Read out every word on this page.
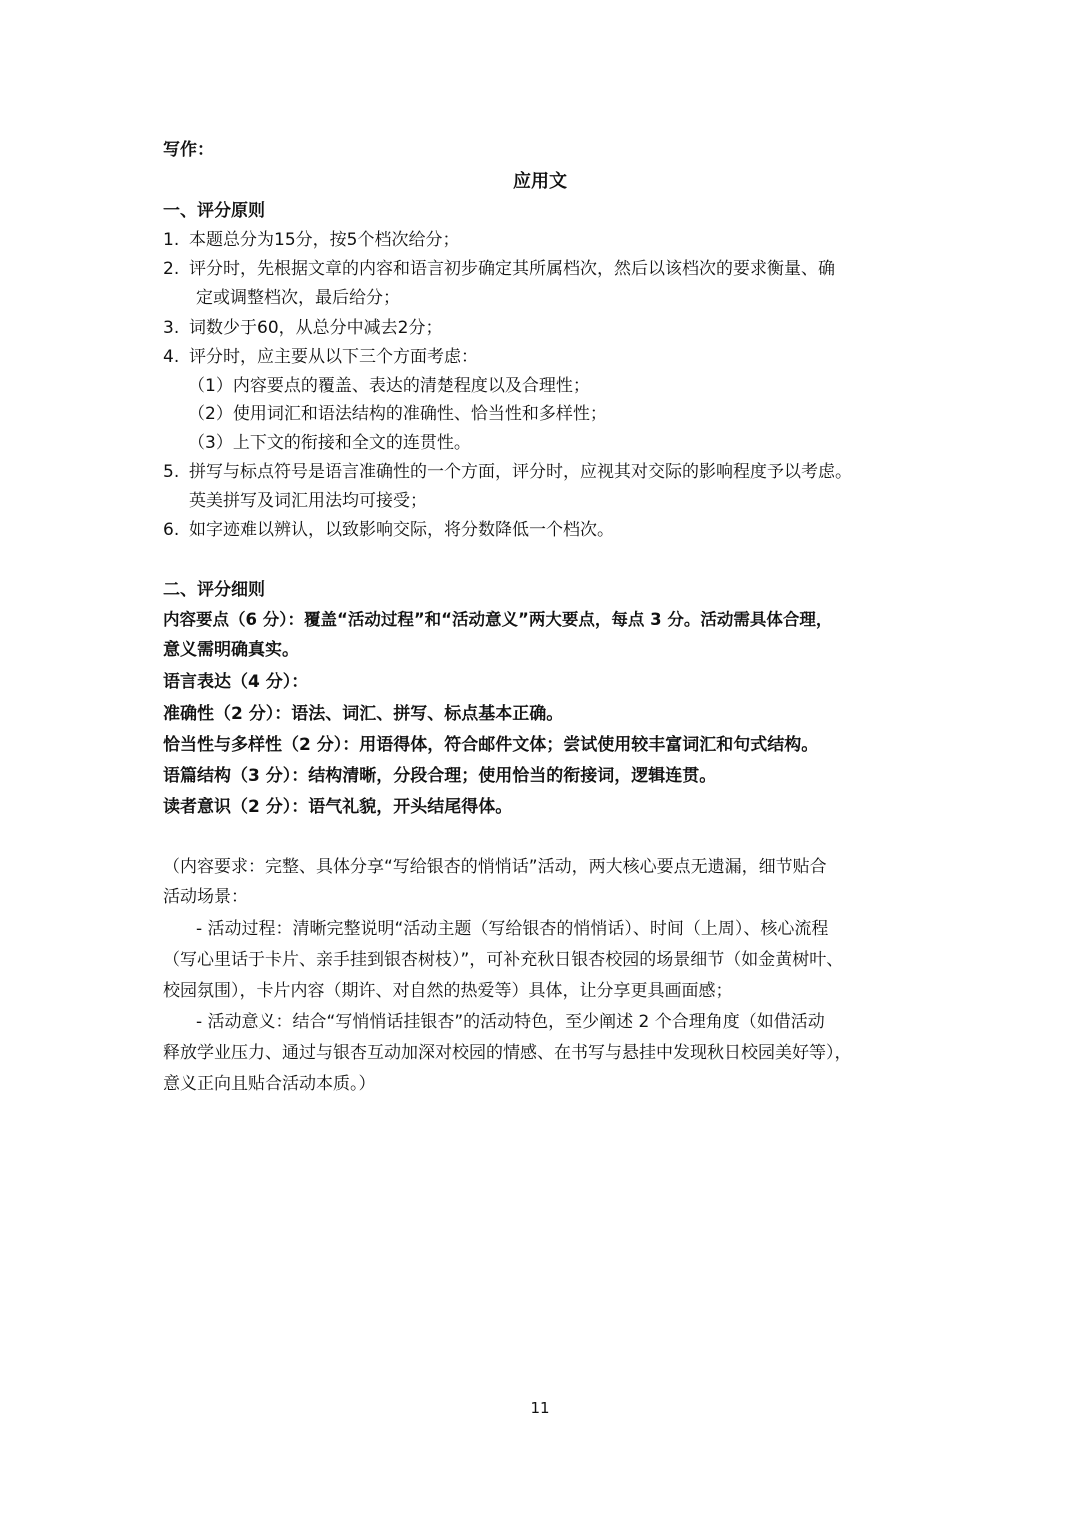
写作：
应用文
一、评分原则
1. 本题总分为15分，按5个档次给分；
2. 评分时，先根据文章的内容和语言初步确定其所属档次，然后以该档次的要求衡量、确
定或调整档次，最后给分；
3. 词数少于60，从总分中减去2分；
4. 评分时，应主要从以下三个方面考虑：
（1）内容要点的覆盖、表达的清楚程度以及合理性；
（2）使用词汇和语法结构的准确性、恰当性和多样性；
（3）上下文的衔接和全文的连贯性。
5. 拼写与标点符号是语言准确性的一个方面，评分时，应视其对交际的影响程度予以考虑。
英美拼写及词汇用法均可接受；
6. 如字迹难以辨认，以致影响交际，将分数降低一个档次。
二、评分细则
内容要点（6 分）：覆盖“活动过程”和“活动意义”两大要点，每点 3 分。活动需具体合理，
意义需明确真实。
语言表达（4 分）：
准确性（2 分）：语法、词汇、拼写、标点基本正确。
恰当性与多样性（2 分）：用语得体，符合邮件文体；尝试使用较丰富词汇和句式结构。
语篇结构（3 分）：结构清晰，分段合理；使用恰当的衔接词，逻辑连贯。
读者意识（2 分）：语气礼貌，开头结尾得体。
（内容要求：完整、具体分享“写给银杏的悄悄话”活动，两大核心要点无遗漏，细节贴合
活动场景：
- 活动过程：清晰完整说明“活动主题（写给银杏的悄悄话）、时间（上周）、核心流程
（写心里话于卡片、亲手挂到银杏树枝）”，可补充秋日银杏校园的场景细节（如金黄树叶、
校园氛围），卡片内容（期许、对自然的热爱等）具体，让分享更具画面感；
- 活动意义：结合“写悄悄话挂银杏”的活动特色，至少阐述 2 个合理角度（如借活动
释放学业压力、通过与银杏互动加深对校园的情感、在书写与悬挂中发现秋日校园美好等），
意义正向且贴合活动本质。）
11
